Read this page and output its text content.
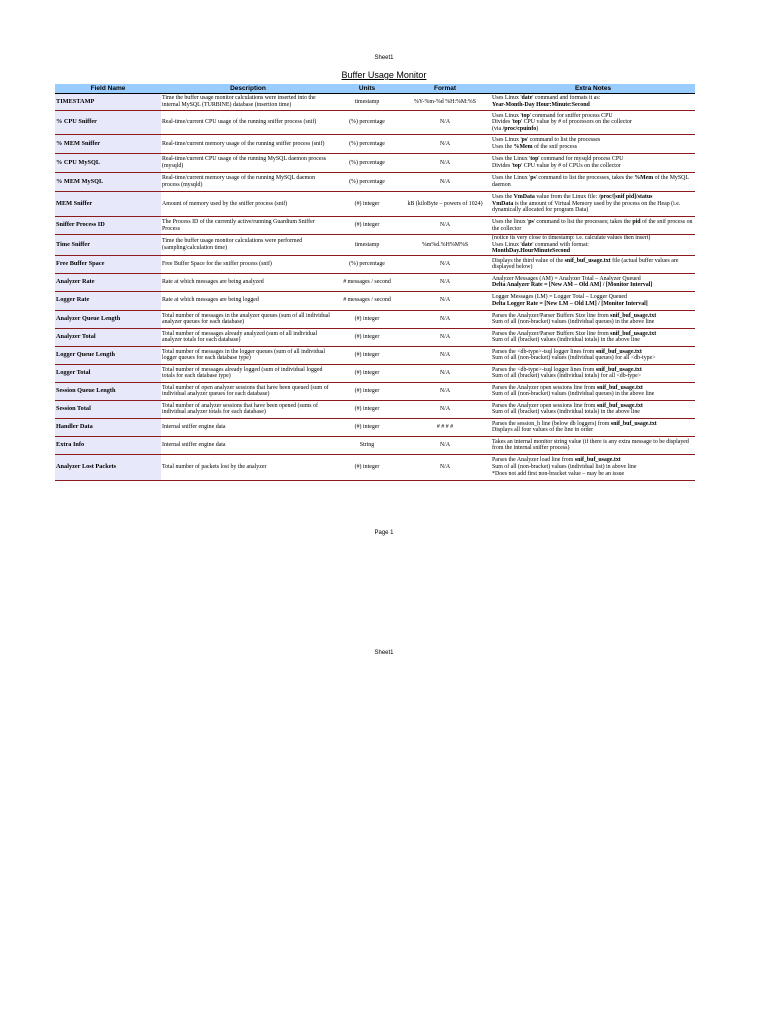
Sheet1
Buffer Usage Monitor
Field Name	Description	Units	Format	Extra Notes
TIMESTAMP	Time the buffer usage monitor calculations were inserted into the internal MySQL (TURBINE) database (insertion time)	timestamp	%Y-%m-%d %H:%M:%S	Uses Linux 'date' command and formats it as:
Year-Month-Day Hour:Minute:Second

% CPU Sniffer	Real-time/current CPU usage of the running sniffer process (snif)	(%) percentage	N/A	Uses Linux 'top' command for sniffer process CPU
Divides 'top' CPU value by # of processors on the collector
(via /proc/cpuinfo)

% MEM Sniffer	Real-time/current memory usage of the running sniffer process (snif)	(%) percentage	N/A	Uses Linux 'ps' command to list the processes
Uses the %Mem of the snif process

% CPU MySQL	Real-time/current CPU usage of the running MySQL daemon process (mysqld)	(%) percentage	N/A	Uses the Linux 'top' command for mysqld process CPU
Divides 'top' CPU value by # of CPUs on the collector

% MEM MySQL	Real-time/current memory usage of the running MySQL daemon process (mysqld)	(%) percentage	N/A	Uses the Linux 'ps' command to list the processes, takes the %Mem of the MySQL daemon

MEM Sniffer	Amount of memory used by the sniffer process (snif)	(#) integer	kB (kiloByte – powers of 1024)	Uses the VmData value from the Linux file: /proc/[snif pid]/status
VmData is the amount of Virtual Memory used by the process on the Heap (i.e. dynamically allocated for program Data)

Sniffer Process ID	The Process ID of the currently active/running Guardium Sniffer Process	(#) integer	N/A	Uses the linux 'ps' command to list the processes; takes the pid of the snif process on the collector

Time Sniffer	Time the buffer usage monitor calculations were performed (sampling/calculation time)	timestamp	%m%d.%H%M%S	(notice its very close to timestamp: i.e. calculate values then insert)
Uses Linux 'date' command with format:
MonthDay.HourMinuteSecond

Free Buffer Space	Free Buffer Space for the sniffer process (snif)	(%) percentage	N/A	Displays the third value of the snif_buf_usage.txt file (actual buffer values are displayed below)

Analyzer Rate	Rate at which messages are being analyzed	# messages / second	N/A	Analyzer Messages (AM) = Analyzer Total – Analyzer Queued
Delta Analyzer Rate = [New AM – Old AM] / [Monitor Interval]

Logger Rate	Rate at which messages are being logged	# messages / second	N/A	Logger Messages (LM) = Logger Total – Logger Queued
Delta Logger Rate = [New LM – Old LM] / [Monitor Interval]

Analyzer Queue Length	Total number of messages in the analyzer queues (sum of all individual analyzer queues for each database)	(#) integer	N/A	Parses the Analyzer/Parser Buffers Size line from snif_buf_usage.txt
Sum of all (non-bracket) values (individual queues) in the above line

Analyzer Total	Total number of messages already analyzed (sum of all individual analyzer totals for each database)	(#) integer	N/A	Parses the Analyzer/Parser Buffers Size line from snif_buf_usage.txt
Sum of all (bracket) values (individual totals) in the above line

Logger Queue Length	Total number of messages in the logger queues (sum of all individual logger queues for each database type)	(#) integer	N/A	Parses the <db-type>-tsql logger lines from snif_buf_usage.txt
Sum of all (non-bracket) values (individual queues) for all <db-type>

Logger Total	Total number of messages already logged (sum of individual logged totals for each database type)	(#) integer	N/A	Parses the <db-type>-tsql logger lines from snif_buf_usage.txt
Sum of all (bracket) values (individual totals) for all <db-type>

Session Queue Length	Total number of open analyzer sessions that have been queued (sum of individual analyzer queues for each database)	(#) integer	N/A	Parses the Analyzer open sessions line from snif_buf_usage.txt
Sum of all (non-bracket) values (individual queues) in the above line

Session Total	Total number of analyzer sessions that have been opened (sums of individual analyzer totals for each database)	(#) integer	N/A	Parses the Analyzer open sessions line from snif_buf_usage.txt
Sum of all (bracket) values (individual totals) in the above line

Handler Data	Internal sniffer engine data	(#) integer	# # # #	Parses the session_h line (below db loggers) from snif_buf_usage.txt
Displays all four values of the line in order

Extra Info	Internal sniffer engine data	String	N/A	Takes an internal monitor string value (if there is any extra message to be displayed from the internal sniffer process)

Analyzer Lost Packets	Total number of packets lost by the analyzer	(#) integer	N/A	Parses the Analyzer load line from snif_buf_usage.txt
Sum of all (non-bracket) values (individual list) in above line
*Does not add first non-bracket value – may be an issue
Page 1
Sheet1
